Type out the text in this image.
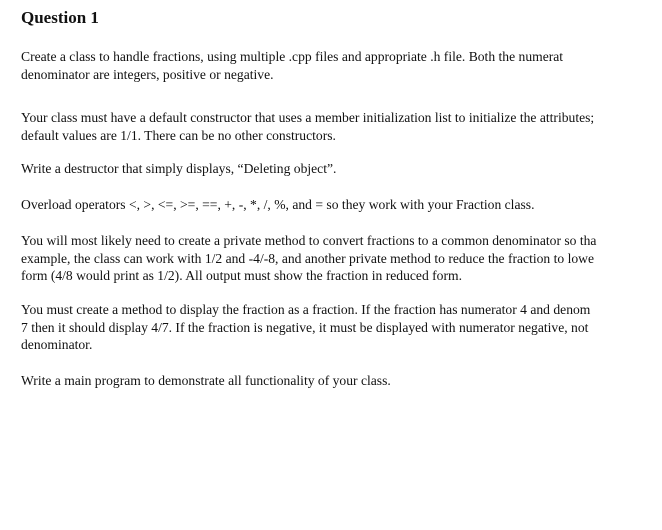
Question 1

Create a class to handle fractions, using multiple .cpp files and appropriate .h file. Both the numerat
denominator are integers, positive or negative.

Your class must have a default constructor that uses a member initialization list to initialize the attributes;
default values are 1/1. There can be no other constructors.

Write a destructor that simply displays, “Deleting object”.

Overload operators <, >, <=, >=, ==, +, -, *, /, %, and = so they work with your Fraction class.

You will most likely need to create a private method to convert fractions to a common denominator so tha
example, the class can work with 1/2 and -4/-8, and another private method to reduce the fraction to lowe
form (4/8 would print as 1/2). All output must show the fraction in reduced form.

You must create a method to display the fraction as a fraction. If the fraction has numerator 4 and denom
7 then it should display 4/7. If the fraction is negative, it must be displayed with numerator negative, not
denominator.

Write a main program to demonstrate all functionality of your class.
